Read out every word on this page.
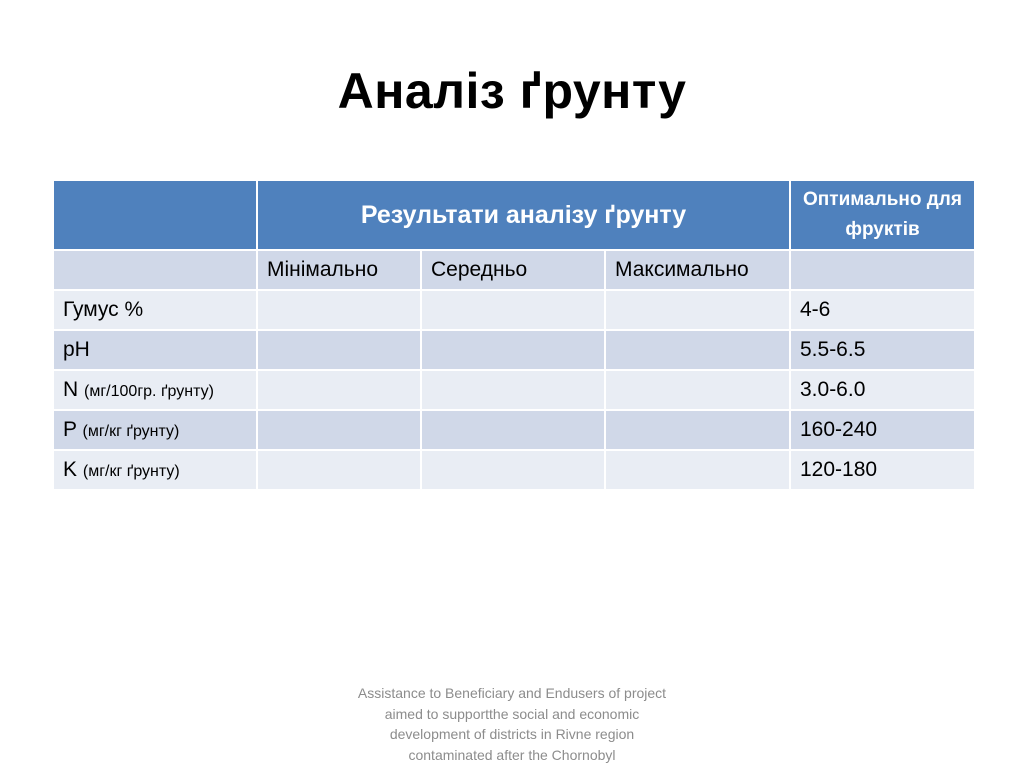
Аналіз ґрунту
	Результати аналізу ґрунту			Оптимально для фруктів
	Мінімально	Середньо	Максимально	
Гумус %				4-6
pH				5.5-6.5
N (мг/100гр. ґрунту)				3.0-6.0
P (мг/кг ґрунту)				160-240
K (мг/кг ґрунту)				120-180
Assistance to Beneficiary and Endusers of project aimed to supportthe social and economic development of districts in Rivne region contaminated after the Chornobyl
